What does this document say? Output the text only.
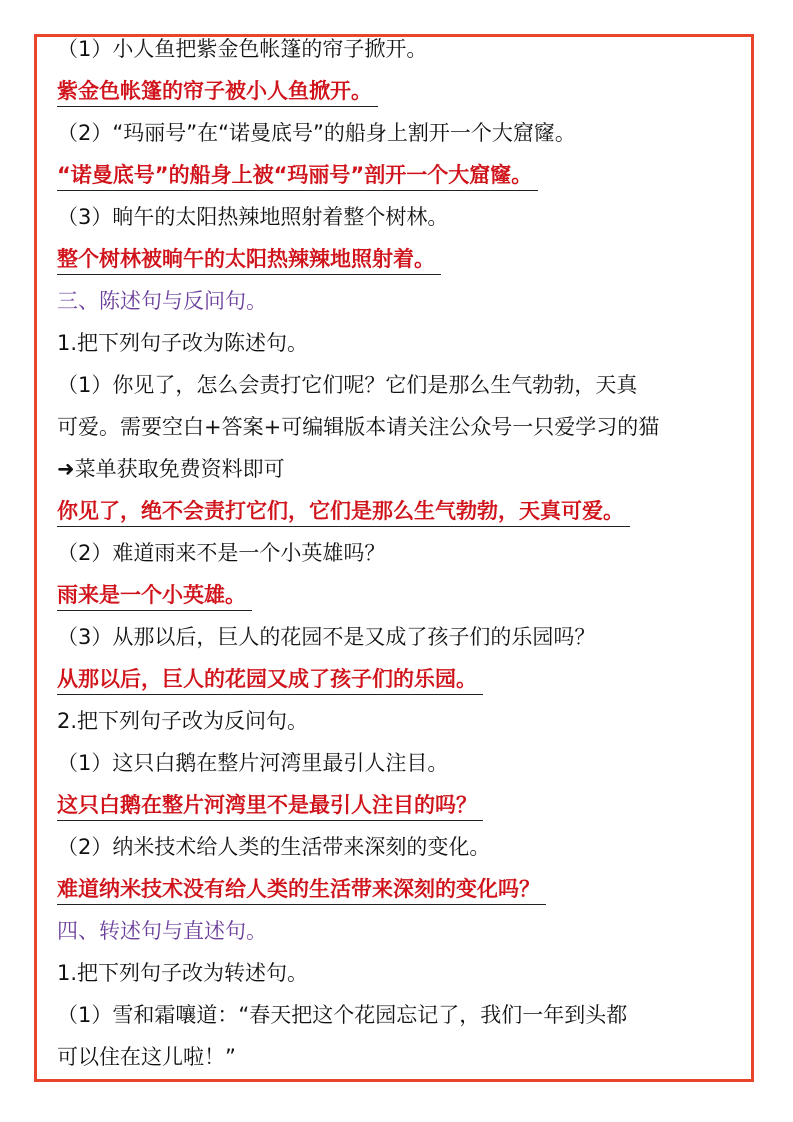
（1）小人鱼把紫金色帐篷的帘子掀开。
紫金色帐篷的帘子被小人鱼掀开。
（2）“玛丽号”在“诺曼底号”的船身上割开一个大窟窿。
“诺曼底号”的船身上被“玛丽号”剖开一个大窟窿。
（3）晌午的太阳热辣地照射着整个树林。
整个树林被晌午的太阳热辣辣地照射着。
三、陈述句与反问句。
1.把下列句子改为陈述句。
（1）你见了，怎么会责打它们呢？它们是那么生气勃勃，天真
可爱。需要空白+答案+可编辑版本请关注公众号一只爱学习的猫
➜菜单获取免费资料即可
你见了，绝不会责打它们，它们是那么生气勃勃，天真可爱。
（2）难道雨来不是一个小英雄吗？
雨来是一个小英雄。
（3）从那以后，巨人的花园不是又成了孩子们的乐园吗？
从那以后，巨人的花园又成了孩子们的乐园。
2.把下列句子改为反问句。
（1）这只白鹅在整片河湾里最引人注目。
这只白鹅在整片河湾里不是最引人注目的吗？
（2）纳米技术给人类的生活带来深刻的变化。
难道纳米技术没有给人类的生活带来深刻的变化吗？
四、转述句与直述句。
1.把下列句子改为转述句。
（1）雪和霜嚷道：“春天把这个花园忘记了，我们一年到头都
可以住在这儿啦！”
